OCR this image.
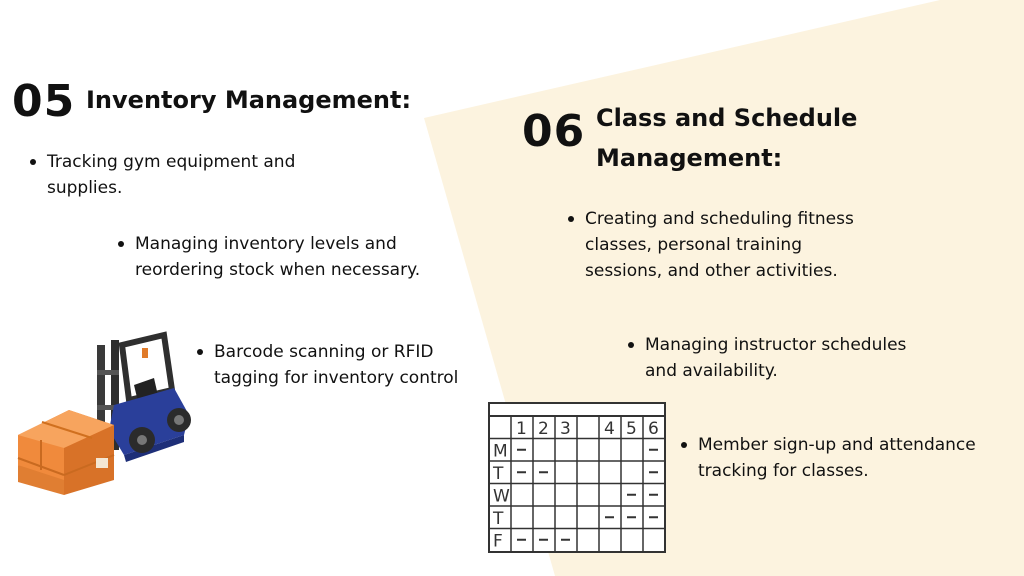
05 Inventory Management:
Tracking gym equipment and supplies.
Managing inventory levels and reordering stock when necessary.
Barcode scanning or RFID tagging for inventory control
06 Class and Schedule
Management:
Creating and scheduling fitness classes, personal training sessions, and other activities.
Managing instructor schedules and availability.
Member sign-up and attendance tracking for classes.
1 2 3 4 5 6
M
T
W
T
F
